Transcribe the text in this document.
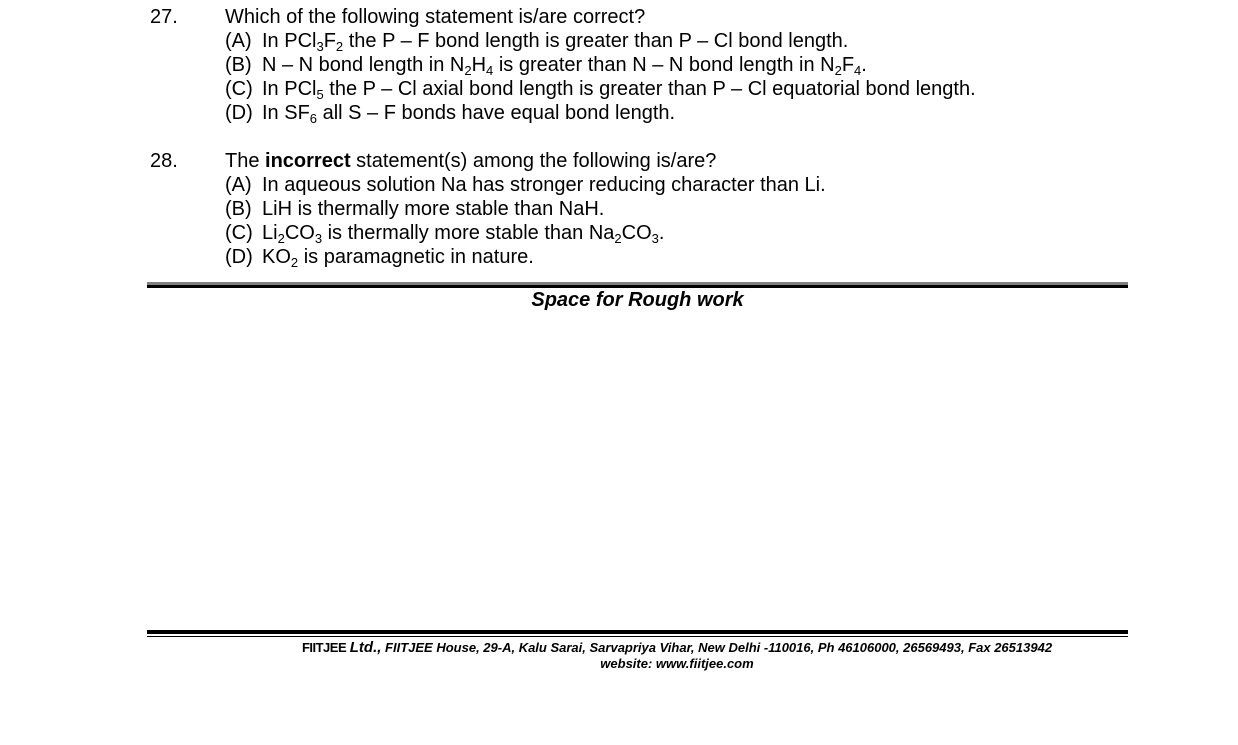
27.	Which of the following statement is/are correct?
(A) In $PCl_3F_2$ the P – F bond length is greater than P – Cl bond length.
(B) N – N bond length in $N_2H_4$ is greater than N – N bond length in $N_2F_4$.
(C) In PCl$_5$ the P – Cl axial bond length is greater than P – Cl equatorial bond length.
(D) In $SF_6$ all S – F bonds have equal bond length.
28.	The incorrect statement(s) among the following is/are?
(A) In aqueous solution Na has stronger reducing character than Li.
(B) LiH is thermally more stable than NaH.
(C) $Li_2CO_3$ is thermally more stable than $Na_2CO_3$.
(D) $KO_2$ is paramagnetic in nature.
Space for Rough work
FIITJEE Ltd., FIITJEE House, 29-A, Kalu Sarai, Sarvapriya Vihar, New Delhi -110016, Ph 46106000, 26569493, Fax 26513942
website: www.fiitjee.com
